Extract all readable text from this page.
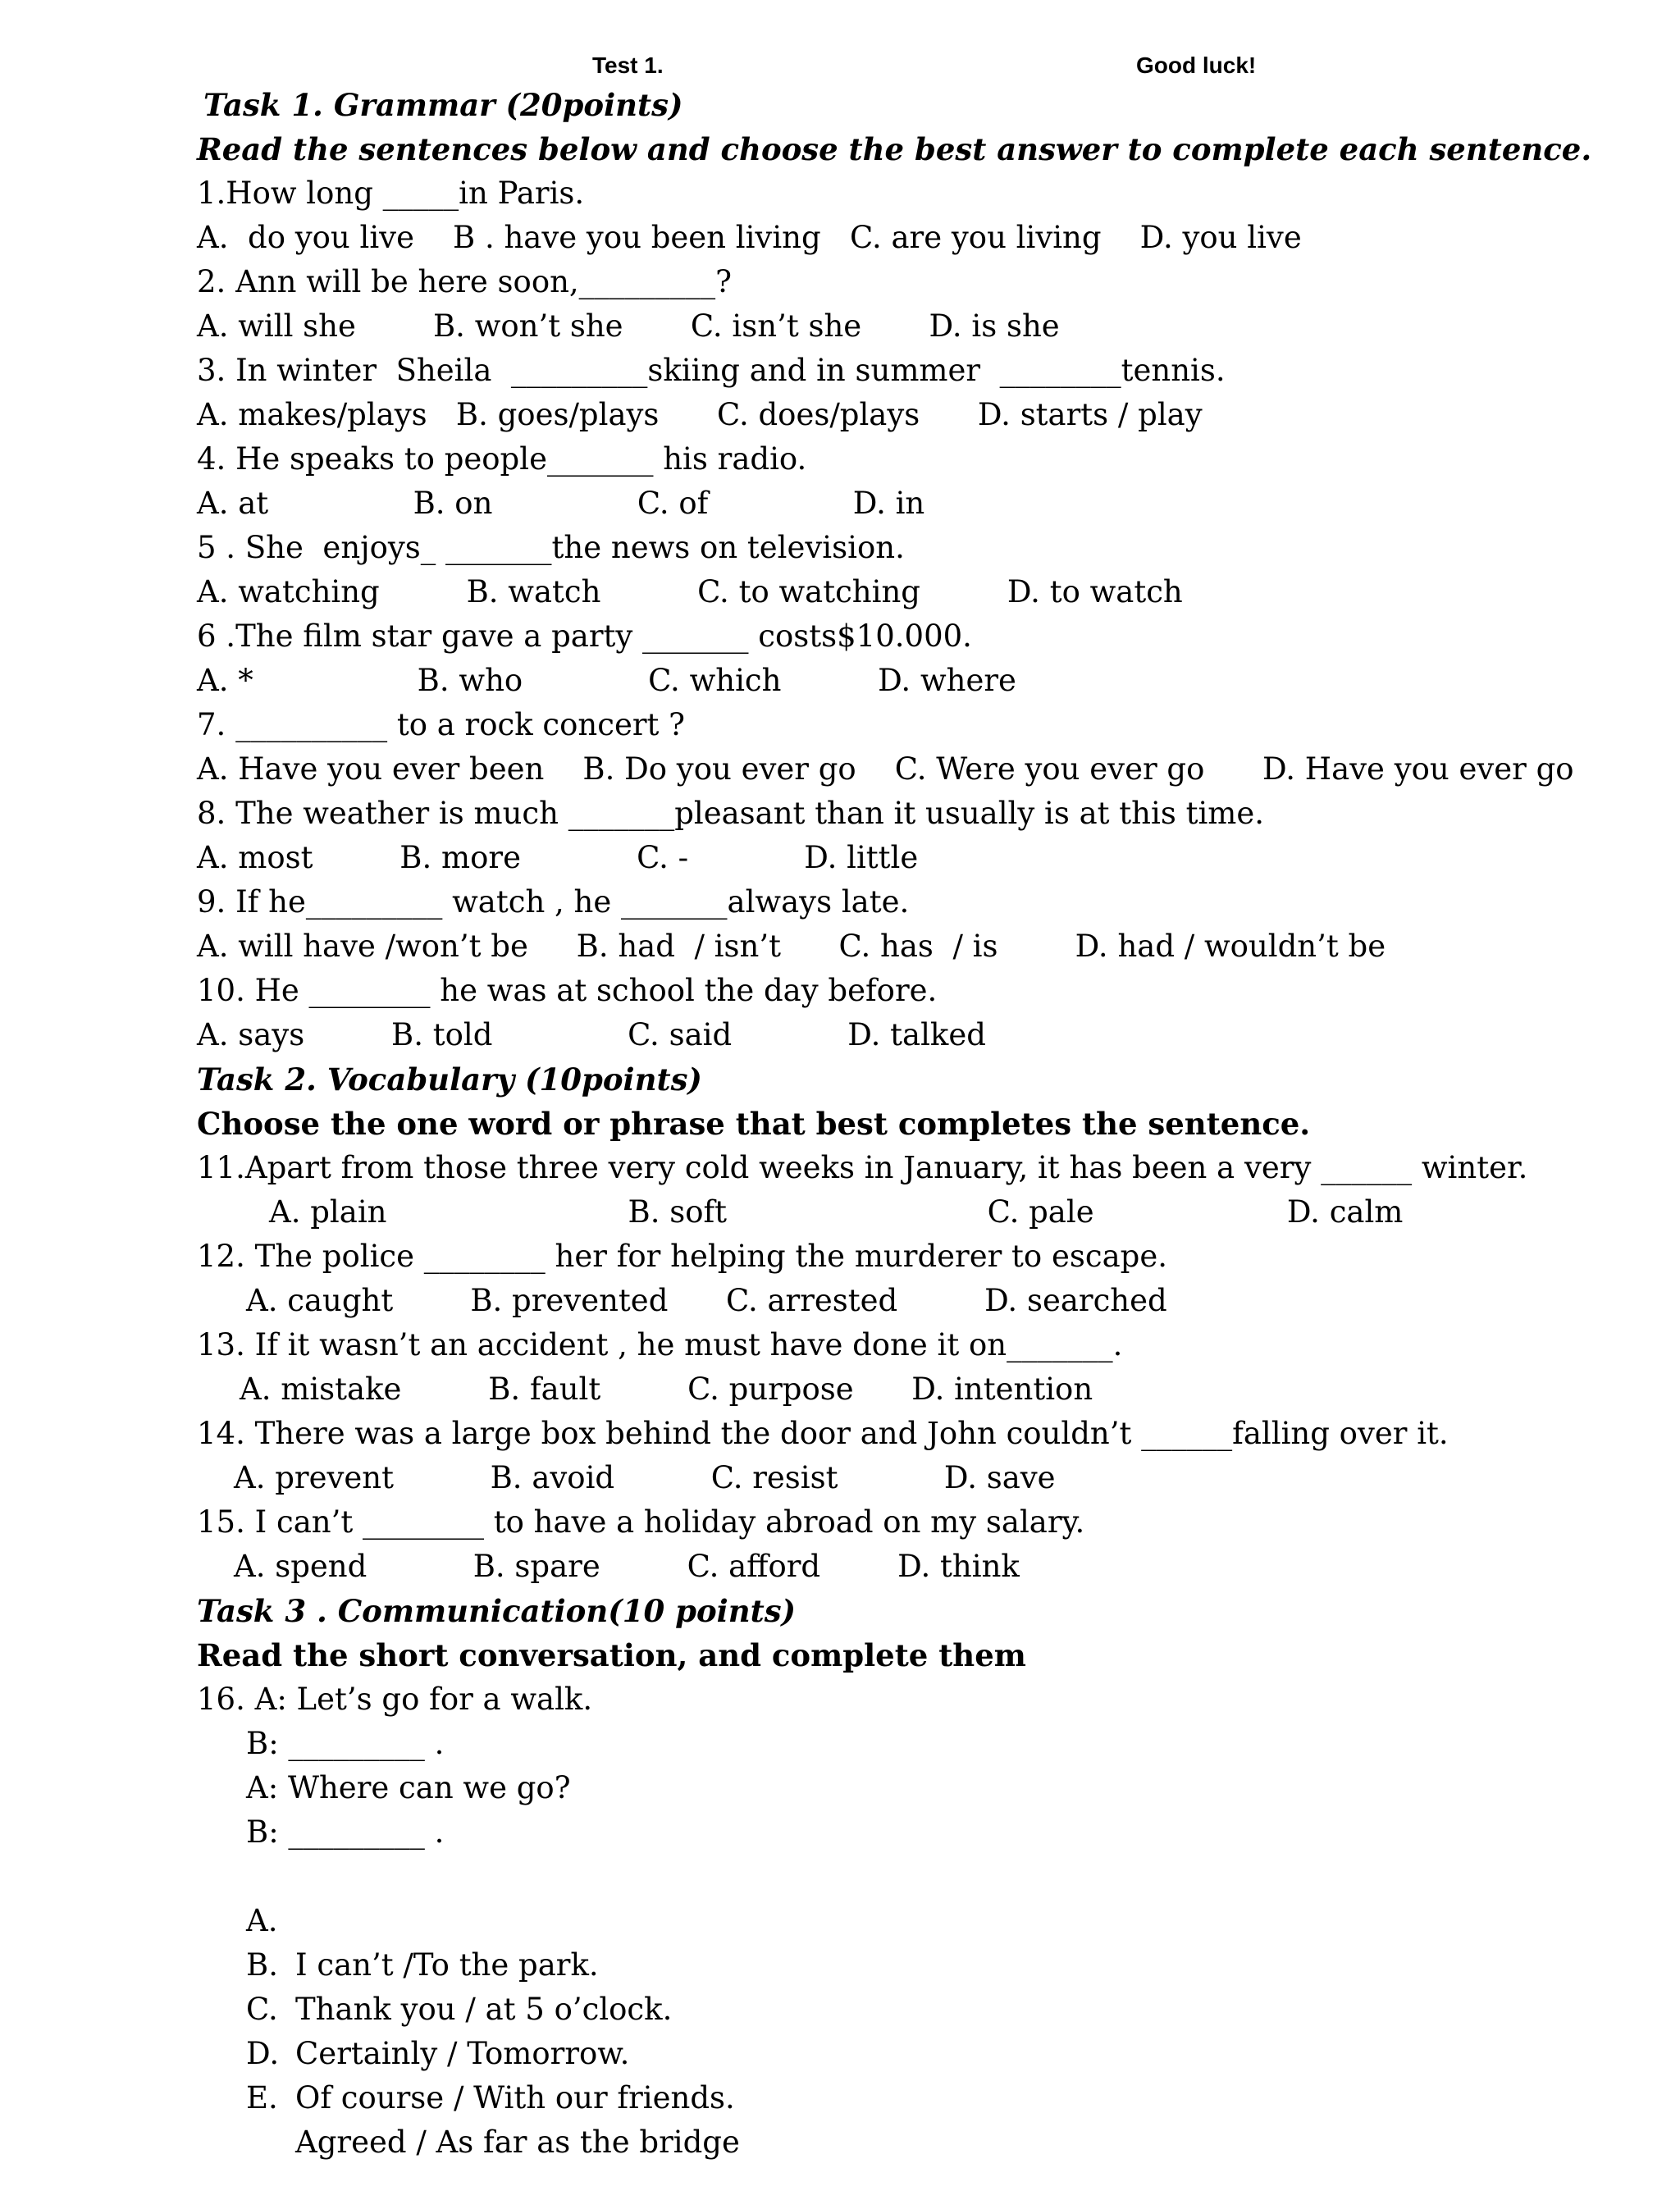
Test 1.	Good luck!
Task 1. Grammar (20points)
Read the sentences below and choose the best answer to complete each sentence.
1.How long _____in Paris.
A.  do you live    B . have you been living   C. are you living    D. you live
2. Ann will be here soon,_________?
A. will she        B. won’t she       C. isn’t she       D. is she
3. In winter  Sheila  _________skiing and in summer  ________tennis.
A. makes/plays   B. goes/plays      C. does/plays      D. starts / play
4. He speaks to people_______ his radio.
A. at               B. on               C. of               D. in
5 . She  enjoys_ _______the news on television.
A. watching         B. watch          C. to watching         D. to watch
6 .The film star gave a party _______ costs$10.000.
A. *                 B. who             C. which          D. where
7. __________ to a rock concert ?
A. Have you ever been    B. Do you ever go    C. Were you ever go      D. Have you ever go
8. The weather is much _______pleasant than it usually is at this time.
A. most         B. more            C. -            D. little
9. If he_________ watch , he _______always late.
A. will have /won’t be     B. had  / isn’t      C. has  / is        D. had / wouldn’t be
10. He ________ he was at school the day before.
A. says         B. told              C. said            D. talked
Task 2. Vocabulary (10points)
Choose the one word or phrase that best completes the sentence.
11.Apart from those three very cold weeks in January, it has been a very ______ winter.
A. plain                         B. soft                           C. pale                    D. calm
12. The police ________ her for helping the murderer to escape.
A. caught        B. prevented      C. arrested         D. searched
13. If it wasn’t an accident , he must have done it on_______.
A. mistake         B. fault         C. purpose      D. intention
14. There was a large box behind the door and John couldn’t ______falling over it.
A. prevent          B. avoid          C. resist           D. save
15. I can’t ________ to have a holiday abroad on my salary.
A. spend           B. spare         C. afford        D. think
Task 3 . Communication(10 points)
Read the short conversation, and complete them
16. A: Let’s go for a walk.
B: _________ .
A: Where can we go?
B: _________ .

A.

I can’t /To the park.

B.

Thank you / at 5 o’clock.

C.

Certainly / Tomorrow.

D.

Of course / With our friends.

E.

Agreed / As far as the bridge
